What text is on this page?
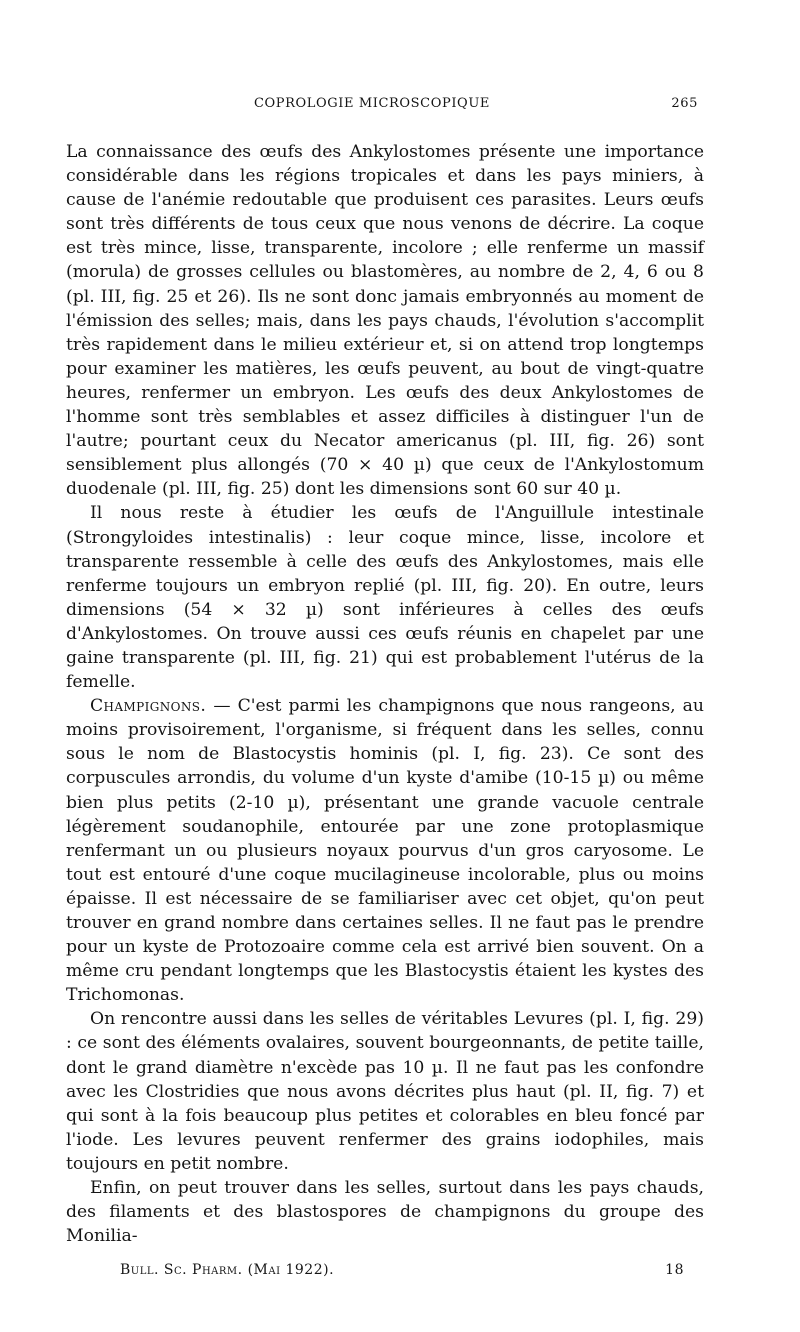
COPROLOGIE MICROSCOPIQUE	265

La connaissance des œufs des Ankylostomes présente une importance considérable dans les régions tropicales et dans les pays miniers, à cause de l'anémie redoutable que produisent ces parasites. Leurs œufs sont très différents de tous ceux que nous venons de décrire. La coque est très mince, lisse, transparente, incolore ; elle renferme un massif (morula) de grosses cellules ou blastomères, au nombre de 2, 4, 6 ou 8 (pl. III, fig. 25 et 26). Ils ne sont donc jamais embryonnés au moment de l'émission des selles; mais, dans les pays chauds, l'évolution s'accomplit très rapidement dans le milieu extérieur et, si on attend trop longtemps pour examiner les matières, les œufs peuvent, au bout de vingt-quatre heures, renfermer un embryon. Les œufs des deux Ankylostomes de l'homme sont très semblables et assez difficiles à distinguer l'un de l'autre; pourtant ceux du Necator americanus (pl. III, fig. 26) sont sensiblement plus allongés (70 × 40 µ) que ceux de l'Ankylostomum duodenale (pl. III, fig. 25) dont les dimensions sont 60 sur 40 µ.

Il nous reste à étudier les œufs de l'Anguillule intestinale (Strongyloides intestinalis) : leur coque mince, lisse, incolore et transparente ressemble à celle des œufs des Ankylostomes, mais elle renferme toujours un embryon replié (pl. III, fig. 20). En outre, leurs dimensions (54 × 32 µ) sont inférieures à celles des œufs d'Ankylostomes. On trouve aussi ces œufs réunis en chapelet par une gaine transparente (pl. III, fig. 21) qui est probablement l'utérus de la femelle.

Champignons. — C'est parmi les champignons que nous rangeons, au moins provisoirement, l'organisme, si fréquent dans les selles, connu sous le nom de Blastocystis hominis (pl. I, fig. 23). Ce sont des corpuscules arrondis, du volume d'un kyste d'amibe (10-15 µ) ou même bien plus petits (2-10 µ), présentant une grande vacuole centrale légèrement soudanophile, entourée par une zone protoplasmique renfermant un ou plusieurs noyaux pourvus d'un gros caryosome. Le tout est entouré d'une coque mucilagineuse incolorable, plus ou moins épaisse. Il est nécessaire de se familiariser avec cet objet, qu'on peut trouver en grand nombre dans certaines selles. Il ne faut pas le prendre pour un kyste de Protozoaire comme cela est arrivé bien souvent. On a même cru pendant longtemps que les Blastocystis étaient les kystes des Trichomonas.

On rencontre aussi dans les selles de véritables Levures (pl. I, fig. 29) : ce sont des éléments ovalaires, souvent bourgeonnants, de petite taille, dont le grand diamètre n'excède pas 10 µ. Il ne faut pas les confondre avec les Clostridies que nous avons décrites plus haut (pl. II, fig. 7) et qui sont à la fois beaucoup plus petites et colorables en bleu foncé par l'iode. Les levures peuvent renfermer des grains iodophiles, mais toujours en petit nombre.

Enfin, on peut trouver dans les selles, surtout dans les pays chauds, des filaments et des blastospores de champignons du groupe des Monilia-

Bull. Sc. Pharm. (Mai 1922).	18
